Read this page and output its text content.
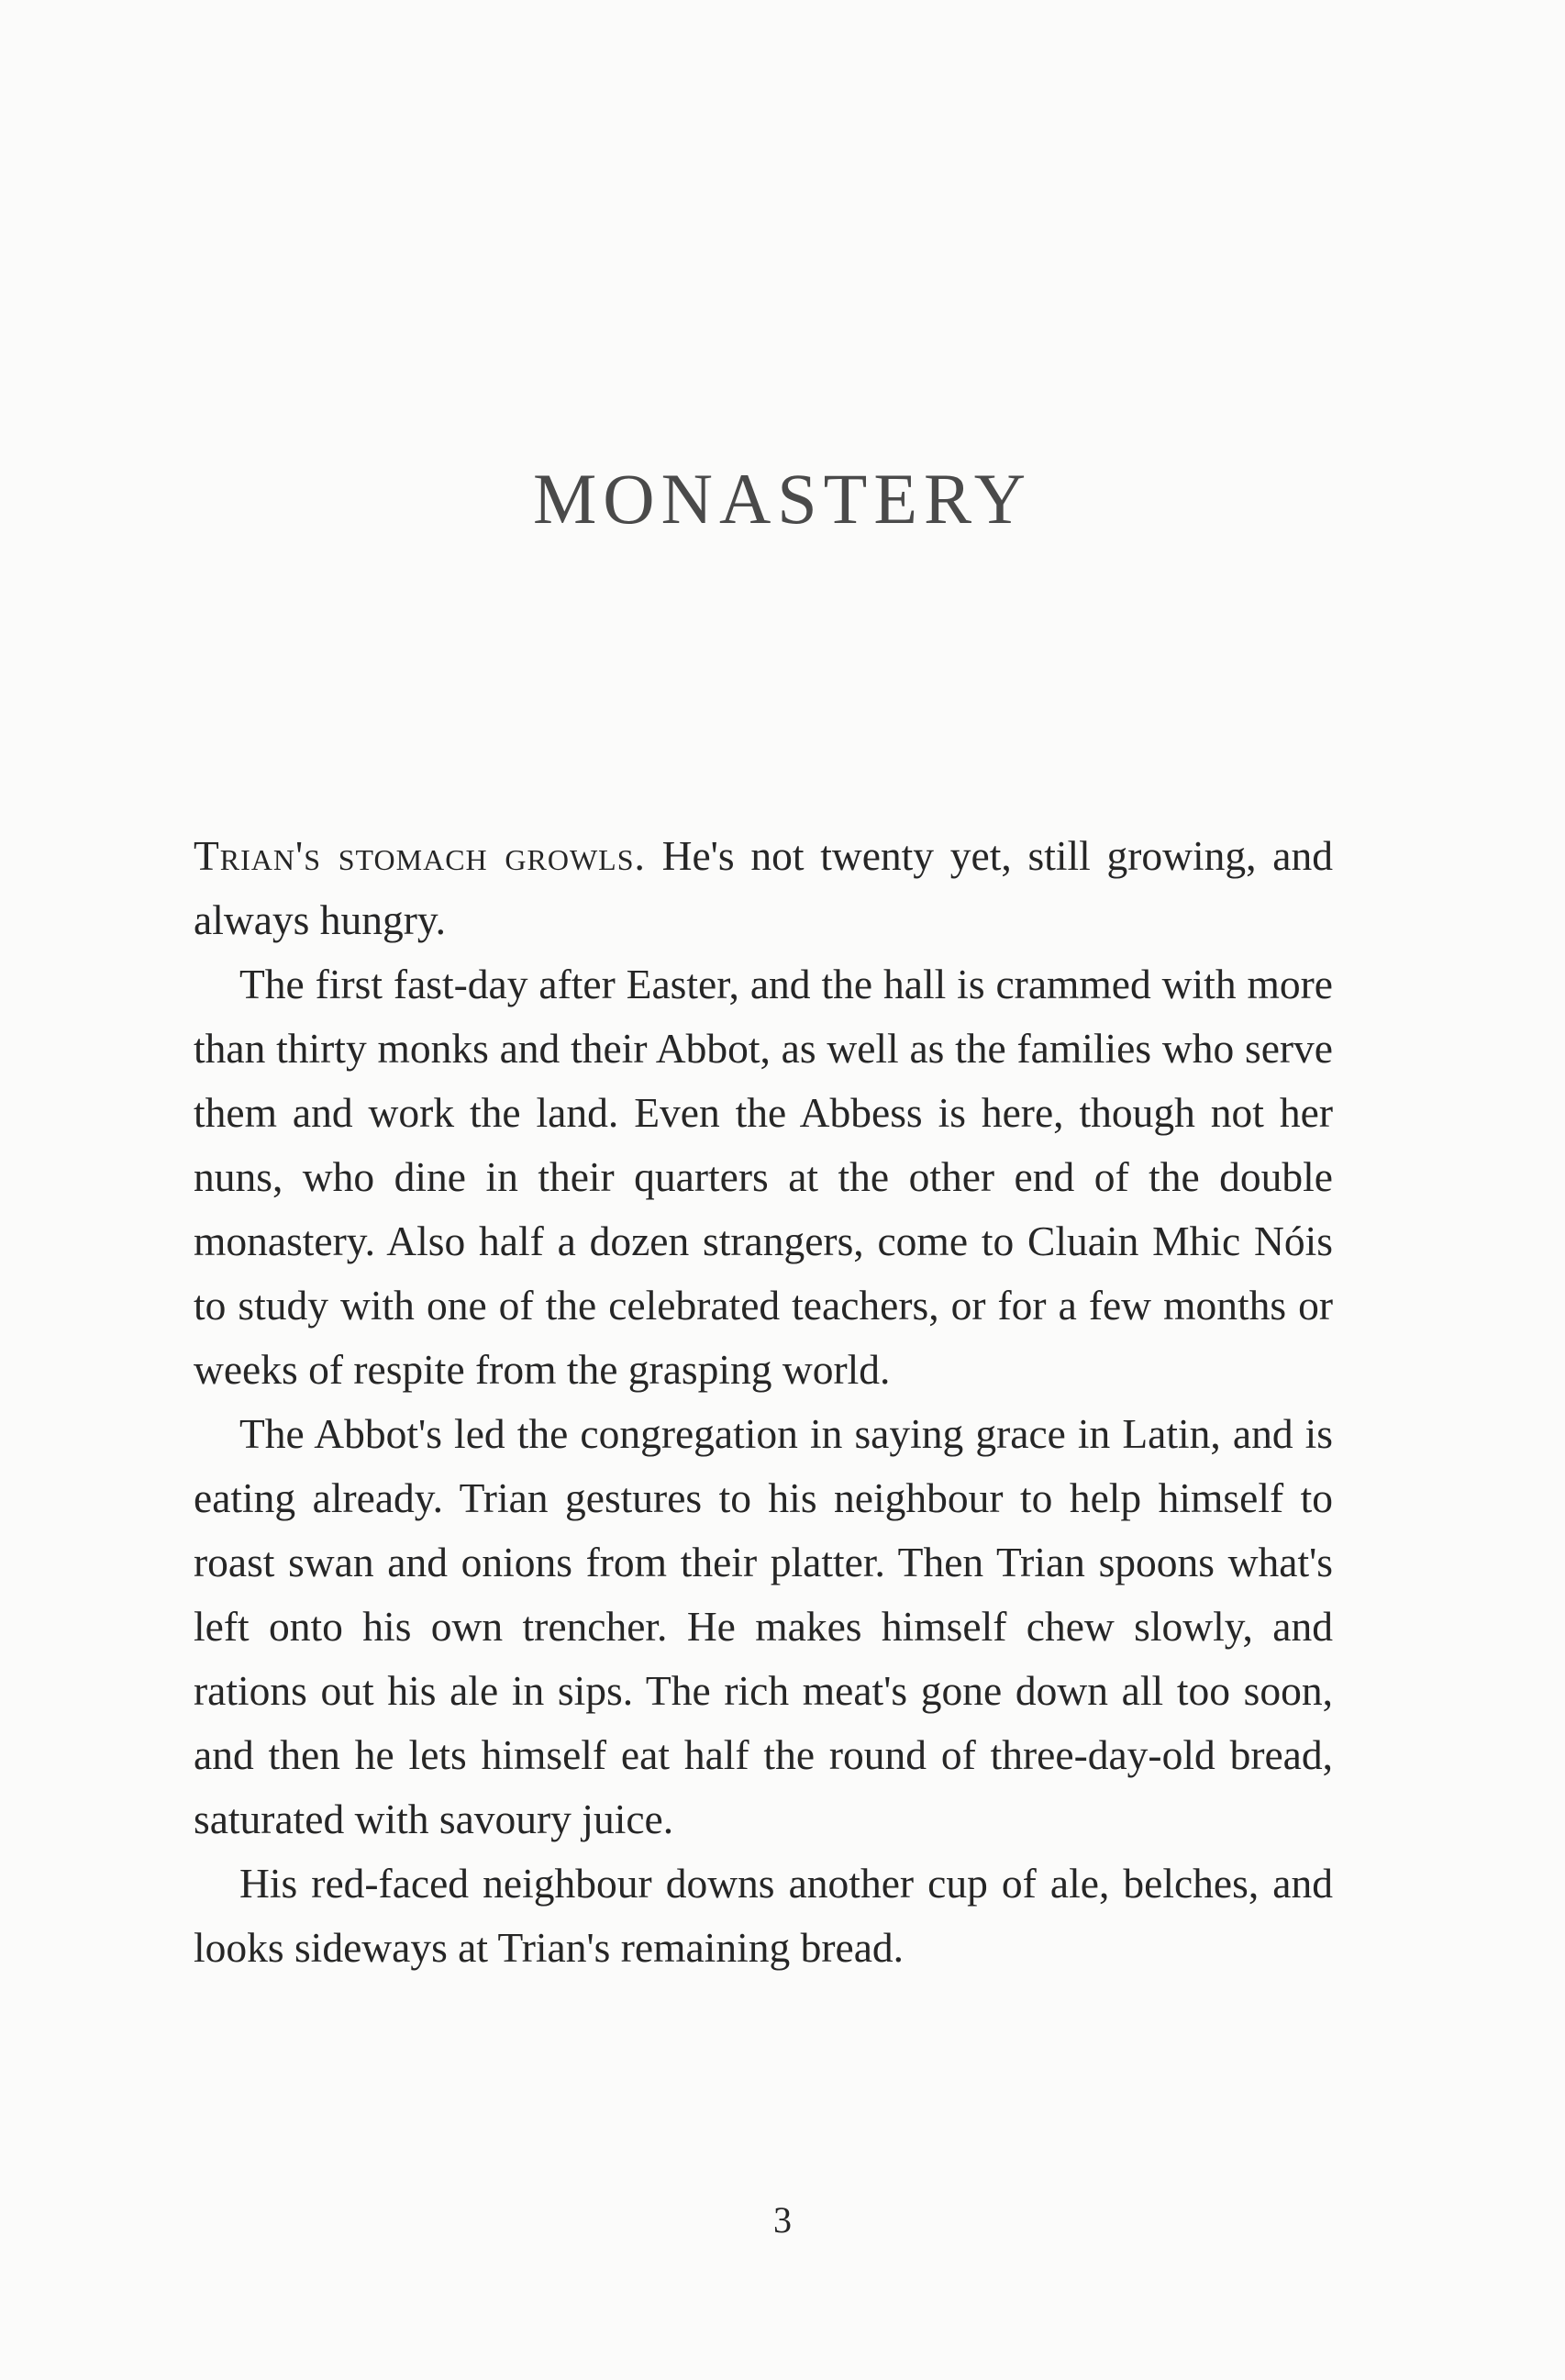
MONASTERY

Trian's stomach growls. He's not twenty yet, still growing, and always hungry.

The first fast-day after Easter, and the hall is crammed with more than thirty monks and their Abbot, as well as the families who serve them and work the land. Even the Abbess is here, though not her nuns, who dine in their quarters at the other end of the double monastery. Also half a dozen strangers, come to Cluain Mhic Nóis to study with one of the celebrated teachers, or for a few months or weeks of respite from the grasping world.

The Abbot's led the congregation in saying grace in Latin, and is eating already. Trian gestures to his neighbour to help himself to roast swan and onions from their platter. Then Trian spoons what's left onto his own trencher. He makes himself chew slowly, and rations out his ale in sips. The rich meat's gone down all too soon, and then he lets himself eat half the round of three-day-old bread, saturated with savoury juice.

His red-faced neighbour downs another cup of ale, belches, and looks sideways at Trian's remaining bread.

3
